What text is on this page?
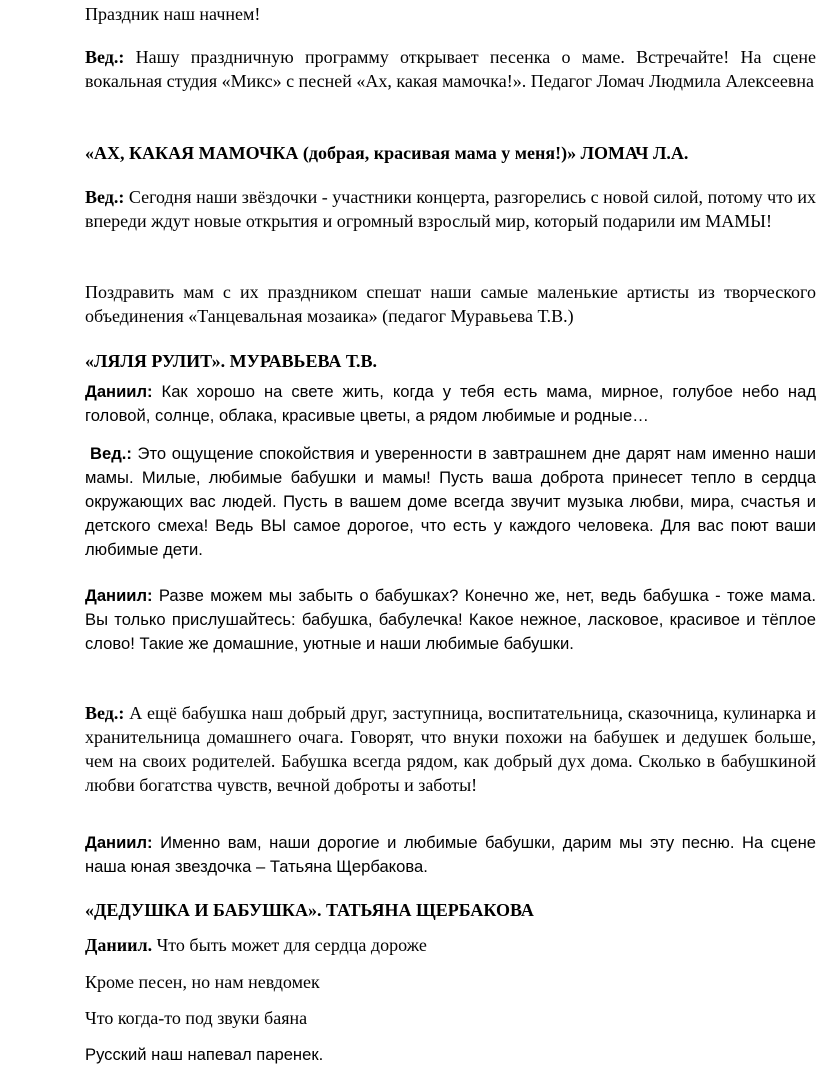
Праздник наш начнем!

Вед.: Нашу праздничную программу открывает песенка о маме. Встречайте! На сцене вокальная студия «Микс» с песней «Ах, какая мамочка!». Педагог Ломач Людмила Алексеевна

«АХ, КАКАЯ МАМОЧКА (добрая, красивая мама у меня!)» ЛОМАЧ Л.А.

Вед.: Сегодня наши звёздочки - участники концерта, разгорелись с новой силой, потому что их впереди ждут новые открытия и огромный взрослый мир, который подарили им МАМЫ!

Поздравить мам с их праздником спешат наши самые маленькие артисты из творческого объединения «Танцевальная мозаика» (педагог Муравьева Т.В.)

«ЛЯЛЯ РУЛИТ». МУРАВЬЕВА Т.В.

Даниил: Как хорошо на свете жить, когда у тебя есть мама, мирное, голубое небо над головой, солнце, облака, красивые цветы, а рядом любимые и родные…

Вед.: Это ощущение спокойствия и уверенности в завтрашнем дне дарят нам именно наши мамы. Милые, любимые бабушки и мамы! Пусть ваша доброта принесет тепло в сердца окружающих вас людей. Пусть в вашем доме всегда звучит музыка любви, мира, счастья и детского смеха! Ведь ВЫ самое дорогое, что есть у каждого человека. Для вас поют ваши любимые дети.

Даниил: Разве можем мы забыть о бабушках? Конечно же, нет, ведь бабушка - тоже мама. Вы только прислушайтесь: бабушка, бабулечка! Какое нежное, ласковое, красивое и тёплое слово! Такие же домашние, уютные и наши любимые бабушки.

Вед.: А ещё бабушка наш добрый друг, заступница, воспитательница, сказочница, кулинарка и хранительница домашнего очага. Говорят, что внуки похожи на бабушек и дедушек больше, чем на своих родителей. Бабушка всегда рядом, как добрый дух дома. Сколько в бабушкиной любви богатства чувств, вечной доброты и заботы!

Даниил: Именно вам, наши дорогие и любимые бабушки, дарим мы эту песню. На сцене наша юная звездочка – Татьяна Щербакова.

«ДЕДУШКА И БАБУШКА». ТАТЬЯНА ЩЕРБАКОВА

Даниил. Что быть может для сердца дороже

Кроме песен, но нам невдомек

Что когда-то под звуки баяна

Русский наш напевал паренек.
